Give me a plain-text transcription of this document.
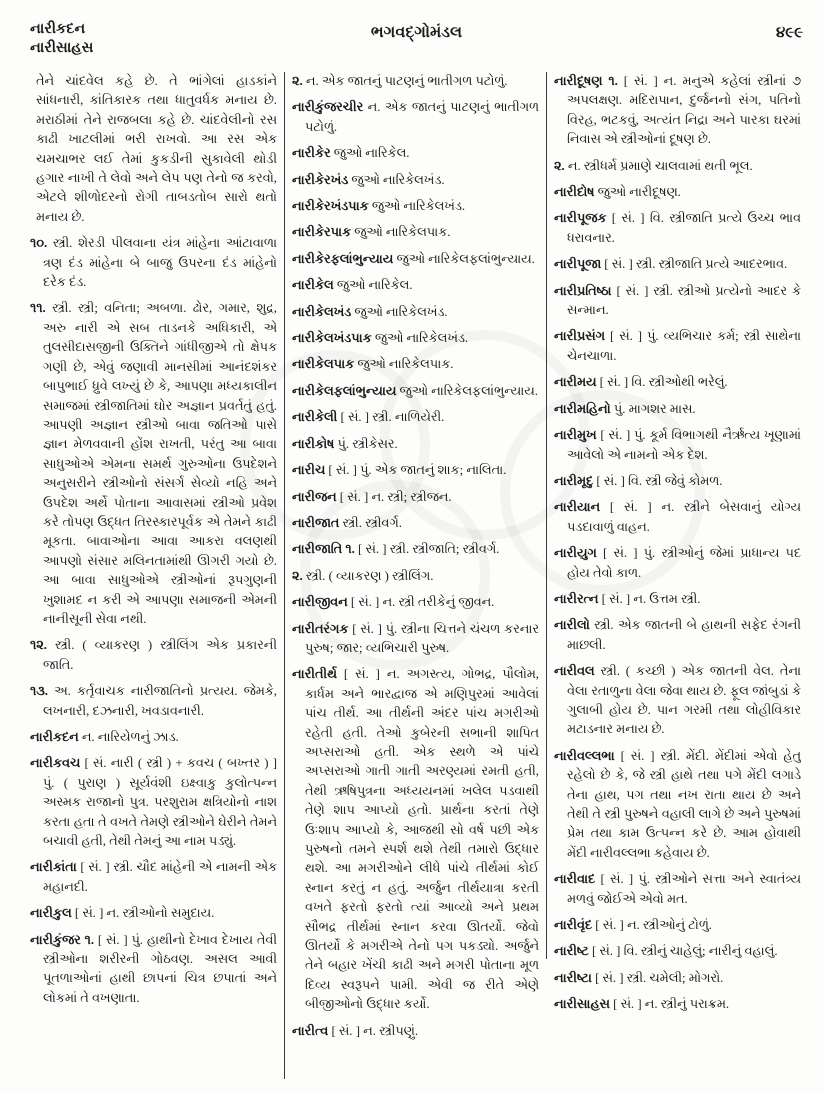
નારીકદન
નારીસાહસ
ભગવદ્ગોમંડલ	૪૯૯

તેને ચાંદવેલ કહે છે. તે ભાંગેલાં હાડકાંને સાંધનારી, કાંતિકારક તથા ધાતુવર્ધક મનાય છે. મરાઠીમાં તેને રાજબલા કહે છે. ચાંદવેલીનો રસ કાઢી ખાટલીમાં ભરી રાખવો. આ રસ એક ચમચાભર લઈ તેમાં કુકડીની સુકાવેલી થોડી હગાર નાખી તે લેવો અને લેપ પણ તેનો જ કરવો, એટલે શીળોદરનો રોગી તાબડતોબ સારો થતો મનાય છે.

૧૦. સ્ત્રી. શેરડી પીલવાના યંત્ર માંહેના આંટાવાળા ત્રણ દંડ માંહેના બે બાજુ ઉપરના દંડ માંહેનો દરેક દંડ.

૧૧. સ્ત્રી. સ્ત્રી; વનિતા; અબળા. ઢોર, ગમાર, શુદ્ર, અરુ નારી એ સબ તાડનકે અધિકારી, એ તુલસીદાસજીની ઉક્તિને ગાંધીજીએ તો ક્ષેપક ગણી છે, એવું જણાવી માનસીમાં આનંદશંકર બાપુભાઈ ધ્રુવે લખ્યું છે કે, આપણા મધ્યકાલીન સમાજમાં સ્ત્રીજાતિમાં ઘોર અજ્ઞાન પ્રવર્તતું હતું. આપણી અજ્ઞાન સ્ત્રીઓ બાવા જતિઓ પાસે જ્ઞાન મેળવવાની હોંશ રાખતી, પરંતુ આ બાવા સાધુઓએ એમના સમર્થ ગુરુઓના ઉપદેશને અનુસરીને સ્ત્રીઓનો સંસર્ગ સેવ્યો નહિ અને ઉપદેશ અર્થે પોતાના આવાસમાં સ્ત્રીઓ પ્રવેશ કરે તોપણ ઉદ્ધત તિરસ્કારપૂર્વક એ તેમને કાઢી મૂકતા. બાવાઓના આવા આકરા વલણથી આપણો સંસાર મલિનતામાંથી ઊગરી ગયો છે. આ બાવા સાધુઓએ સ્ત્રીઓનાં રૂપગુણની ખુશામદ ન કરી એ આપણા સમાજની એમની નાનીસૂની સેવા નથી.

૧૨. સ્ત્રી. ( વ્યાકરણ ) સ્ત્રીલિંગ એક પ્રકારની જાતિ.

૧૩. અ. કર્તૃવાચક નારીજાતિનો પ્રત્યય. જેમકે, લખનારી, દઝનારી, ખવડાવનારી.

નારીકદન ન. નારિયેળનું ઝાડ.

નારીકવચ [ સં. નારી ( સ્ત્રી ) + કવચ ( બખ્તર ) ] પું. ( પુરાણ ) સૂર્યવંશી ઇક્ષ્વાકુ કુલોત્પન્ન અસ્મક રાજાનો પુત્ર. પરશુરામ ક્ષત્રિયોનો નાશ કરતા હતા તે વખતે તેમણે સ્ત્રીઓને ઘેરીને તેમને બચાવી હતી, તેથી તેમનું આ નામ પડ્યું.

નારીકાંતા [ સં. ] સ્ત્રી. ચૌદ માંહેની એ નામની એક મહાનદી.

નારીકુલ [ સં. ] ન. સ્ત્રીઓનો સમુદાય.

નારીકુંજર ૧. [ સં. ] પું. હાથીનો દેખાવ દેખાય તેવી સ્ત્રીઓના શરીરની ગોઠવણ. અસલ આવી પૂતળાઓનાં હાથી છાપનાં ચિત્ર છપાતાં અને લોકમાં તે વખણાતા.

૨. ન. એક જાતનું પાટણનું ભાતીગળ પટોળું.

નારીકુંજરચીર ન. એક જાતનું પાટણનું ભાતીગળ પટોળું.

નારીકેર જુઓ નારિકેલ.

નારીકેરખંડ જુઓ નારિકેલખંડ.

નારીકેરખંડપાક જુઓ નારિકેલખંડ.

નારીકેરપાક જુઓ નારિકેલપાક.

નારીકેરફલાંભુન્યાય જુઓ નારિકેલફલાંભુન્યાય.

નારીકેલ જુઓ નારિકેલ.

નારીકેલખંડ જુઓ નારિકેલખંડ.

નારીકેલખંડપાક જુઓ નારિકેલખંડ.

નારીકેલપાક જુઓ નારિકેલપાક.

નારીકેલફલાંભુન્યાય જુઓ નારિકેલફલાંભુન્યાય.

નારીકેલી [ સં. ] સ્ત્રી. નાળિયેરી.

નારીકોષ પું. સ્ત્રીકેસર.

નારીચ [ સં. ] પું. એક જાતનું શાક; નાલિતા.

નારીજન [ સં. ] ન. સ્ત્રી; સ્ત્રીજન.

નારીજાત સ્ત્રી. સ્ત્રીવર્ગ.

નારીજાતિ ૧. [ સં. ] સ્ત્રી. સ્ત્રીજાતિ; સ્ત્રીવર્ગ.

૨. સ્ત્રી. ( વ્યાકરણ ) સ્ત્રીલિંગ.

નારીજીવન [ સં. ] ન. સ્ત્રી તરીકેનું જીવન.

નારીતરંગક [ સં. ] પું. સ્ત્રીના ચિત્તને ચંચળ કરનાર પુરુષ; જાર; વ્યભિચારી પુરુષ.

નારીતીર્થ [ સં. ] ન. અગસ્ત્ય, ગોભદ્ર, પૌલોમ, કાર્ધમ અને ભારદ્વાજ એ મણિપુરમાં આવેલાં પાંચ તીર્થ. આ તીર્થની અંદર પાંચ મગરીઓ રહેતી હતી. તેઓ કુબેરની સભાની શાપિત અપ્સરાઓ હતી. એક સ્થળે એ પાંચે અપ્સરાઓ ગાતી ગાતી અરણ્યમાં રમતી હતી, તેથી ઋષિપુત્રના અધ્યયનમાં ખલેલ પડવાથી તેણે શાપ આપ્યો હતો. પ્રાર્થના કરતાં તેણે ઉઃશાપ આપ્યો કે, આજથી સો વર્ષ પછી એક પુરુષનો તમને સ્પર્શ થશે તેથી તમારો ઉદ્ધાર થશે. આ મગરીઓને લીધે પાંચે તીર્થમાં કોઈ સ્નાન કરતું ન હતું. અર્જુન તીર્થયાત્રા કરતી વખતે ફરતો ફરતો ત્યાં આવ્યો અને પ્રથમ સૌભદ્ર તીર્થમાં સ્નાન કરવા ઊતર્યો. જેવો ઊતર્યો કે મગરીએ તેનો પગ પકડ્યો. અર્જુને તેને બહાર ખેંચી કાઢી અને મગરી પોતાના મૂળ દિવ્ય સ્વરૂપને પામી. એવી જ રીતે એણે બીજીઓનો ઉદ્ધાર કર્યો.

નારીત્વ [ સં. ] ન. સ્ત્રીપણું.

નારીદૂષણ ૧. [ સં. ] ન. મનુએ કહેલાં સ્ત્રીનાં ૭ અપલક્ષણ. મદિરાપાન, દુર્જનનો સંગ, પતિનો વિરહ, ભટકવું, અત્યંત નિદ્રા અને પારકા ઘરમાં નિવાસ એ સ્ત્રીઓનાં દૂષણ છે.

૨. ન. સ્ત્રીધર્મ પ્રમાણે ચાલવામાં થતી ભૂલ.

નારીદોષ જુઓ નારીદૂષણ.

નારીપૂજક [ સં. ] વિ. સ્ત્રીજાતિ પ્રત્યે ઉચ્ચ ભાવ ધરાવનાર.

નારીપૂજા [ સં. ] સ્ત્રી. સ્ત્રીજાતિ પ્રત્યે આદરભાવ.

નારીપ્રતિષ્ઠા [ સં. ] સ્ત્રી. સ્ત્રીઓ પ્રત્યેનો આદર કે સન્માન.

નારીપ્રસંગ [ સં. ] પું. વ્યભિચાર કર્મ; સ્ત્રી સાથેના ચેનચાળા.

નારીમય [ સં. ] વિ. સ્ત્રીઓથી ભરેલું.

નારીમહિનો પું. માગશર માસ.

નારીમુખ [ સં. ] પું. કૂર્મ વિભાગથી નૈર્ઋત્ય ખૂણામાં આવેલો એ નામનો એક દેશ.

નારીમૃદુ [ સં. ] વિ. સ્ત્રી જેવું કોમળ.

નારીયાન [ સં. ] ન. સ્ત્રીને બેસવાનું યોગ્ય પડદાવાળું વાહન.

નારીયુગ [ સં. ] પું. સ્ત્રીઓનું જેમાં પ્રાધાન્ય પદ હોય તેવો કાળ.

નારીરત્ન [ સં. ] ન. ઉત્તમ સ્ત્રી.

નારીલો સ્ત્રી. એક જાતની બે હાથની સફેદ રંગની માછલી.

નારીવલ સ્ત્રી. ( કચ્છી ) એક જાતની વેલ. તેના વેલા રતાળુના વેલા જેવા થાય છે. ફૂલ જાંબુડાં કે ગુલાબી હોય છે. પાન ગરમી તથા લોહીવિકાર મટાડનાર મનાય છે.

નારીવલ્લભા [ સં. ] સ્ત્રી. મેંદી. મેંદીમાં એવો હેતુ રહેલો છે કે, જે સ્ત્રી હાથે તથા પગે મેંદી લગાડે તેના હાથ, પગ તથા નખ રાતા થાય છે અને તેથી તે સ્ત્રી પુરુષને વહાલી લાગે છે અને પુરુષમાં પ્રેમ તથા કામ ઉત્પન્ન કરે છે. આમ હોવાથી મેંદી નારીવલ્લભા કહેવાય છે.

નારીવાદ [ સં. ] પું. સ્ત્રીઓને સત્તા અને સ્વાતંત્ર્ય મળવું જોઈએ એવો મત.

નારીવૃંદ [ સં. ] ન. સ્ત્રીઓનું ટોળું.

નારીષ્ટ [ સં. ] વિ. સ્ત્રીનું ચાહેલું; નારીનું વહાલું.

નારીષ્ટા [ સં. ] સ્ત્રી. ચમેલી; મોગરો.

નારીસાહસ [ સં. ] ન. સ્ત્રીનું પરાક્રમ.
